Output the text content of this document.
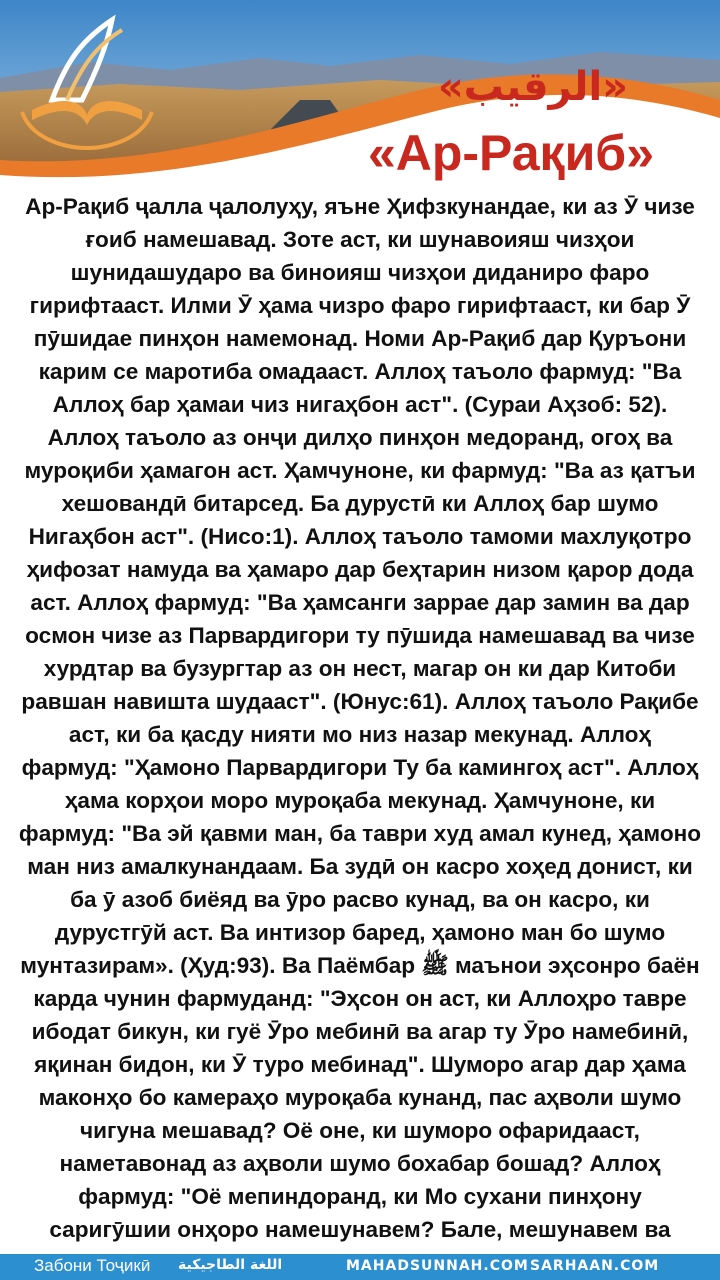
«الرقيب»
«Ар-Рақиб»
Ар-Рақиб ҷалла ҷалолуҳу, яъне Ҳифзкунандае, ки аз Ӯ чизе ғоиб намешавад. Зоте аст, ки шунавоияш чизҳои шунидашударо ва биноияш чизҳои диданиро фаро гирифтааст. Илми Ӯ ҳама чизро фаро гирифтааст, ки бар Ӯ пӯшидае пинҳон намемонад. Номи Ар-Рақиб дар Қуръони карим се маротиба омадааст. Аллоҳ таъоло фармуд: "Ва Аллоҳ бар ҳамаи чиз нигаҳбон аст". (Сураи Аҳзоб: 52). Аллоҳ таъоло аз онҷи дилҳо пинҳон медоранд, огоҳ ва муроқиби ҳамагон аст. Ҳамчуноне, ки фармуд: "Ва аз қатъи хешовандӣ битарсед. Ба дурустӣ ки Аллоҳ бар шумо Нигаҳбон аст". (Нисо:1). Аллоҳ таъоло тамоми махлуқотро ҳифозат намуда ва ҳамаро дар беҳтарин низом қарор дода аст. Аллоҳ фармуд: "Ва ҳамсанги заррае дар замин ва дар осмон чизе аз Парвардигори ту пӯшида намешавад ва чизе хурдтар ва бузургтар аз он нест, магар он ки дар Китоби равшан навишта шудааст". (Юнус:61). Аллоҳ таъоло Рақибе аст, ки ба қасду нияти мо низ назар мекунад. Аллоҳ фармуд: "Ҳамоно Парвардигори Ту ба камингоҳ аст". Аллоҳ ҳама корҳои моро муроқаба мекунад. Ҳамчуноне, ки фармуд: "Ва эй қавми ман, ба таври худ амал кунед, ҳамоно ман низ амалкунандаам. Ба зудӣ он касро хоҳед донист, ки ба ӯ азоб биёяд ва ӯро расво кунад, ва он касро, ки дурустгӯй аст. Ва интизор баред, ҳамоно ман бо шумо мунтазирам». (Ҳуд:93). Ва Паёмбар ﷺ маънои эҳсонро баён карда чунин фармуданд: "Эҳсон он аст, ки Аллоҳро тавре ибодат бикун, ки гуё Ӯро мебинӣ ва агар ту Ӯро намебинӣ, яқинан бидон, ки Ӯ туро мебинад". Шуморо агар дар ҳама маконҳо бо камераҳо муроқаба кунанд, пас аҳволи шумо чигуна мешавад? Оё оне, ки шуморо офаридааст, наметавонад аз аҳволи шумо бохабар бошад? Аллоҳ фармуд: "Оё мепиндоранд, ки Мо сухани пинҳону саригӯшии онҳоро намешунавем? Бале, мешунавем ва
Забони Тоҷикӣ اللغة الطاجيكية	MAHADSUNNAH.COM SARHAAN.COM
